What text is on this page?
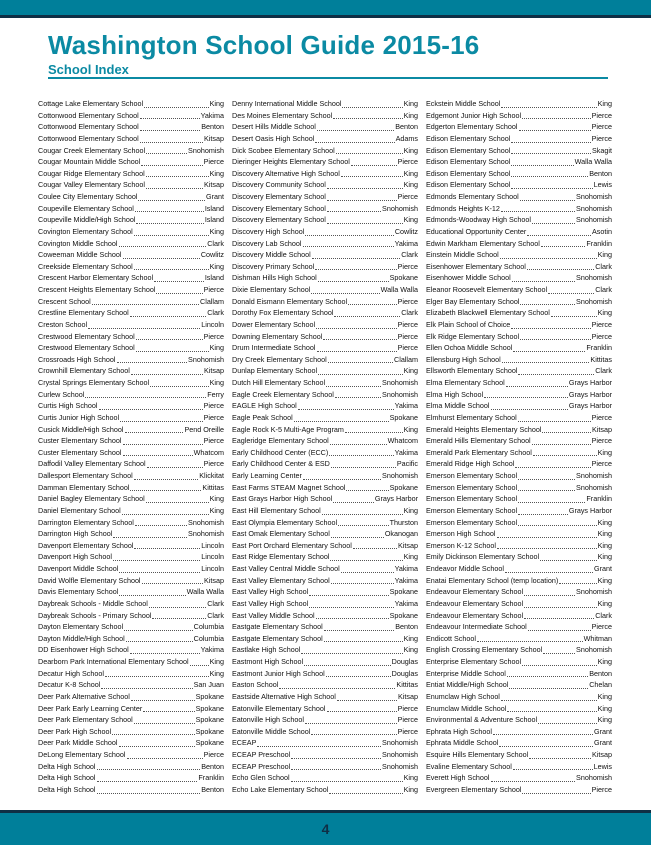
Washington School Guide 2015-16
School Index
Cottage Lake Elementary School	King
Cottonwood Elementary School	Yakima
Cottonwood Elementary School	Benton
Cottonwood Elementary School	Kitsap
Cougar Creek Elementary School	Snohomish
Cougar Mountain Middle School	Pierce
Cougar Ridge Elementary School	King
Cougar Valley Elementary School	Kitsap
Coulee City Elementary School	Grant
Coupeville Elementary School	Island
Coupeville Middle/High School	Island
Covington Elementary School	King
Covington Middle School	Clark
Coweeman Middle School	Cowlitz
Creekside Elementary School	King
Crescent Harbor Elementary School	Island
Crescent Heights Elementary School	Pierce
Crescent School	Clallam
Crestline Elementary School	Clark
Creston School	Lincoln
Crestwood Elementary School	Pierce
Crestwood Elementary School	King
Crossroads High School	Snohomish
Crownhill Elementary School	Kitsap
Crystal Springs Elementary School	King
Curlew School	Ferry
Curtis High School	Pierce
Curtis Junior High School	Pierce
Cusick Middle/High School	Pend Oreille
Custer Elementary School	Pierce
Custer Elementary School	Whatcom
Daffodil Valley Elementary School	Pierce
Dallesport Elementary School	Klickitat
Damman Elementary School	Kittitas
Daniel Bagley Elementary School	King
Daniel Elementary School	King
Darrington Elementary School	Snohomish
Darrington High School	Snohomish
Davenport Elementary School	Lincoln
Davenport High School	Lincoln
Davenport Middle School	Lincoln
David Wolfle Elementary School	Kitsap
Davis Elementary School	Walla Walla
Daybreak Schools - Middle School	Clark
Daybreak Schools - Primary School	Clark
Dayton Elementary School	Columbia
Dayton Middle/High School	Columbia
DD Eisenhower High School	Yakima
Dearborn Park International Elementary School	King
Decatur High School	King
Decatur K-8 School	San Juan
Deer Park Alternative School	Spokane
Deer Park Early Learning Center	Spokane
Deer Park Elementary School	Spokane
Deer Park High School	Spokane
Deer Park Middle School	Spokane
DeLong Elementary School	Pierce
Delta High School	Benton
Delta High School	Franklin
Delta High School	Benton
Denny International Middle School	King
Des Moines Elementary School	King
Desert Hills Middle School	Benton
Desert Oasis High School	Adams
Dick Scobee Elementary School	King
Dieringer Heights Elementary School	Pierce
Discovery Alternative High School	King
Discovery Community School	King
Discovery Elementary School	Pierce
Discovery Elementary School	Snohomish
Discovery Elementary School	King
Discovery High School	Cowlitz
Discovery Lab School	Yakima
Discovery Middle School	Clark
Discovery Primary School	Pierce
Dishman Hills High School	Spokane
Dixie Elementary School	Walla Walla
Donald Eismann Elementary School	Pierce
Dorothy Fox Elementary School	Clark
Dower Elementary School	Pierce
Downing Elementary School	Pierce
Drum Intermediate School	Pierce
Dry Creek Elementary School	Clallam
Dunlap Elementary School	King
Dutch Hill Elementary School	Snohomish
Eagle Creek Elementary School	Snohomish
EAGLE High School	Yakima
Eagle Peak School	Spokane
Eagle Rock K-5 Multi-Age Program	King
Eagleridge Elementary School	Whatcom
Early Childhood Center (ECC)	Yakima
Early Childhood Center & ESD	Pacific
Early Learning Center	Snohomish
East Farms STEAM Magnet School	Spokane
East Grays Harbor High School	Grays Harbor
East Hill Elementary School	King
East Olympia Elementary School	Thurston
East Omak Elementary School	Okanogan
East Port Orchard Elementary School	Kitsap
East Ridge Elementary School	King
East Valley Central Middle School	Yakima
East Valley Elementary School	Yakima
East Valley High School	Spokane
East Valley High School	Yakima
East Valley Middle School	Spokane
Eastgate Elementary School	Benton
Eastgate Elementary School	King
Eastlake High School	King
Eastmont High School	Douglas
Eastmont Junior High School	Douglas
Easton School	Kittitas
Eastside Alternative High School	Kitsap
Eatonville Elementary School	Pierce
Eatonville High School	Pierce
Eatonville Middle School	Pierce
ECEAP	Snohomish
ECEAP Preschool	Snohomish
ECEAP Preschool	Snohomish
Echo Glen School	King
Echo Lake Elementary School	King
Eckstein Middle School	King
Edgemont Junior High School	Pierce
Edgerton Elementary School	Pierce
Edison Elementary School	Pierce
Edison Elementary School	Skagit
Edison Elementary School	Walla Walla
Edison Elementary School	Benton
Edison Elementary School	Lewis
Edmonds Elementary School	Snohomish
Edmonds Heights K-12	Snohomish
Edmonds-Woodway High School	Snohomish
Educational Opportunity Center	Asotin
Edwin Markham Elementary School	Franklin
Einstein Middle School	King
Eisenhower Elementary School	Clark
Eisenhower Middle School	Snohomish
Eleanor Roosevelt Elementary School	Clark
Elger Bay Elementary School	Snohomish
Elizabeth Blackwell Elementary School	King
Elk Plain School of Choice	Pierce
Elk Ridge Elementary School	Pierce
Ellen Ochoa Middle School	Franklin
Ellensburg High School	Kittitas
Ellsworth Elementary School	Clark
Elma Elementary School	Grays Harbor
Elma High School	Grays Harbor
Elma Middle School	Grays Harbor
Elmhurst Elementary School	Pierce
Emerald Heights Elementary School	Kitsap
Emerald Hills Elementary School	Pierce
Emerald Park Elementary School	King
Emerald Ridge High School	Pierce
Emerson Elementary School	Snohomish
Emerson Elementary School	Snohomish
Emerson Elementary School	Franklin
Emerson Elementary School	Grays Harbor
Emerson Elementary School	King
Emerson High School	King
Emerson K-12 School	King
Emily Dickinson Elementary School	King
Endeavor Middle School	Grant
Enatai Elementary School (temp location)	King
Endeavour Elementary School	Snohomish
Endeavour Elementary School	King
Endeavour Elementary School	Clark
Endeavour Intermediate School	Pierce
Endicott School	Whitman
English Crossing Elementary School	Snohomish
Enterprise Elementary School	King
Enterprise Middle School	Benton
Entiat Middle/High School	Chelan
Enumclaw High School	King
Enumclaw Middle School	King
Environmental & Adventure School	King
Ephrata High School	Grant
Ephrata Middle School	Grant
Esquire Hills Elementary School	Kitsap
Evaline Elementary School	Lewis
Everett High School	Snohomish
Evergreen Elementary School	Pierce
4
